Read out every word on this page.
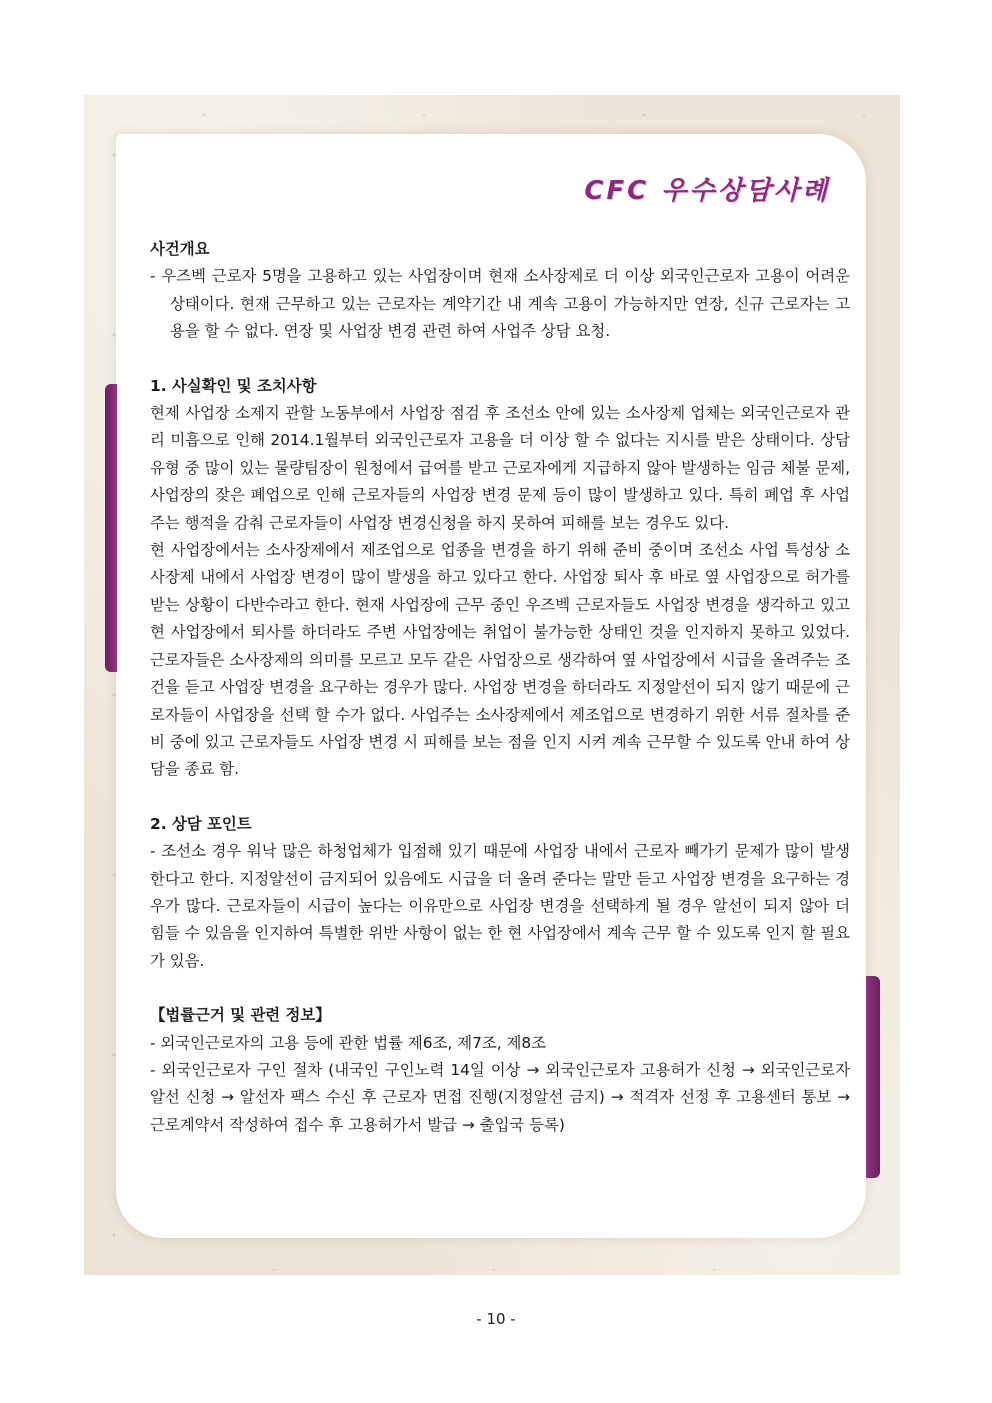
CFC 우수상담사례

사건개요

- 우즈벡 근로자 5명을 고용하고 있는 사업장이며 현재 소사장제로 더 이상 외국인근로자 고용이 어려운 상태이다. 현재 근무하고 있는 근로자는 계약기간 내 계속 고용이 가능하지만 연장, 신규 근로자는 고용을 할 수 없다. 연장 및 사업장 변경 관련 하여 사업주 상담 요청.

1. 사실확인 및 조치사항

현제 사업장 소제지 관할 노동부에서 사업장 점검 후 조선소 안에 있는 소사장제 업체는 외국인근로자 관리 미흡으로 인해 2014.1월부터 외국인근로자 고용을 더 이상 할 수 없다는 지시를 받은 상태이다. 상담 유형 중 많이 있는 물량팀장이 원청에서 급여를 받고 근로자에게 지급하지 않아 발생하는 임금 체불 문제, 사업장의 잦은 폐업으로 인해 근로자들의 사업장 변경 문제 등이 많이 발생하고 있다. 특히 폐업 후 사업주는 행적을 감춰 근로자들이 사업장 변경신청을 하지 못하여 피해를 보는 경우도 있다.

현 사업장에서는 소사장제에서 제조업으로 업종을 변경을 하기 위해 준비 중이며 조선소 사업 특성상 소사장제 내에서 사업장 변경이 많이 발생을 하고 있다고 한다. 사업장 퇴사 후 바로 옆 사업장으로 허가를 받는 상황이 다반수라고 한다. 현재 사업장에 근무 중인 우즈벡 근로자들도 사업장 변경을 생각하고 있고 현 사업장에서 퇴사를 하더라도 주변 사업장에는 취업이 불가능한 상태인 것을 인지하지 못하고 있었다. 근로자들은 소사장제의 의미를 모르고 모두 같은 사업장으로 생각하여 옆 사업장에서 시급을 올려주는 조건을 듣고 사업장 변경을 요구하는 경우가 많다. 사업장 변경을 하더라도 지정알선이 되지 않기 때문에 근로자들이 사업장을 선택 할 수가 없다. 사업주는 소사장제에서 제조업으로 변경하기 위한 서류 절차를 준비 중에 있고 근로자들도 사업장 변경 시 피해를 보는 점을 인지 시켜 계속 근무할 수 있도록 안내 하여 상담을 종료 함.

2. 상담 포인트

- 조선소 경우 워낙 많은 하청업체가 입점해 있기 때문에 사업장 내에서 근로자 빼가기 문제가 많이 발생한다고 한다. 지정알선이 금지되어 있음에도 시급을 더 올려 준다는 말만 듣고 사업장 변경을 요구하는 경우가 많다. 근로자들이 시급이 높다는 이유만으로 사업장 변경을 선택하게 될 경우 알선이 되지 않아 더 힘들 수 있음을 인지하여 특별한 위반 사항이 없는 한 현 사업장에서 계속 근무 할 수 있도록 인지 할 필요가 있음.

【법률근거 및 관련 정보】

- 외국인근로자의 고용 등에 관한 법률 제6조, 제7조, 제8조

- 외국인근로자 구인 절차 (내국인 구인노력 14일 이상 → 외국인근로자 고용허가 신청 → 외국인근로자 알선 신청 → 알선자 팩스 수신 후 근로자 면접 진행(지정알선 금지) → 적격자 선정 후 고용센터 통보 → 근로계약서 작성하여 접수 후 고용허가서 발급 → 출입국 등록)

- 10 -
